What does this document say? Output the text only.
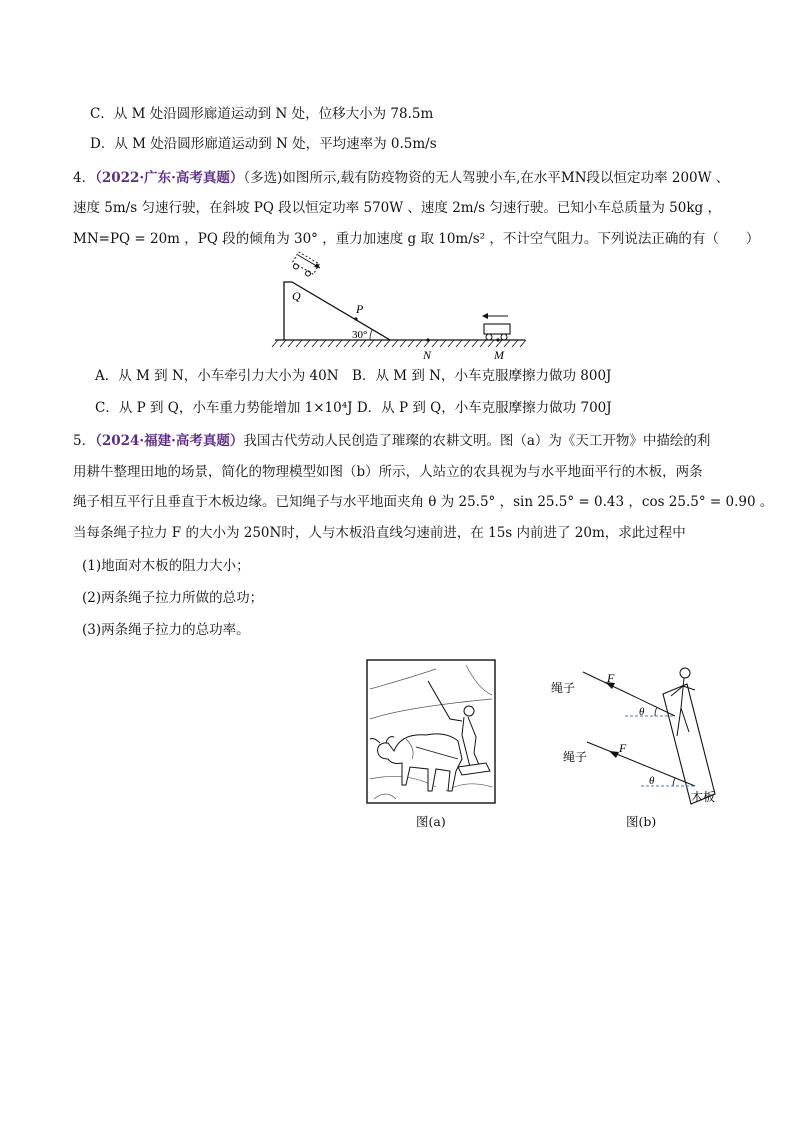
C．从 M 处沿圆形廊道运动到 N 处，位移大小为 78.5m
D．从 M 处沿圆形廊道运动到 N 处，平均速率为 0.5m/s
4．（2022·广东·高考真题）（多选)如图所示,载有防疫物资的无人驾驶小车,在水平MN段以恒定功率 200W 、
速度 5m/s 匀速行驶，在斜坡 PQ 段以恒定功率 570W 、速度 2m/s 匀速行驶。已知小车总质量为 50kg ，
MN=PQ = 20m ，PQ 段的倾角为 30° ，重力加速度 g 取 10m/s² ，不计空气阻力。下列说法正确的有（　　）
P
Q
30°
N	M
A．从 M 到 N，小车牵引力大小为 40N　B．从 M 到 N，小车克服摩擦力做功 800J
C．从 P 到 Q，小车重力势能增加 1×10⁴J D．从 P 到 Q，小车克服摩擦力做功 700J
5．（2024·福建·高考真题）我国古代劳动人民创造了璀璨的农耕文明。图（a）为《天工开物》中描绘的利
用耕牛整理田地的场景，简化的物理模型如图（b）所示，人站立的农具视为与水平地面平行的木板，两条
绳子相互平行且垂直于木板边缘。已知绳子与水平地面夹角 θ 为 25.5° ，sin 25.5° = 0.43 ，cos 25.5° = 0.90 。
当每条绳子拉力 F 的大小为 250N时，人与木板沿直线匀速前进，在 15s 内前进了 20m，求此过程中
(1)地面对木板的阻力大小；
(2)两条绳子拉力所做的总功；
(3)两条绳子拉力的总功率。
图(a)
木板
绳子
F
θ
绳子
F
θ
图(b)
